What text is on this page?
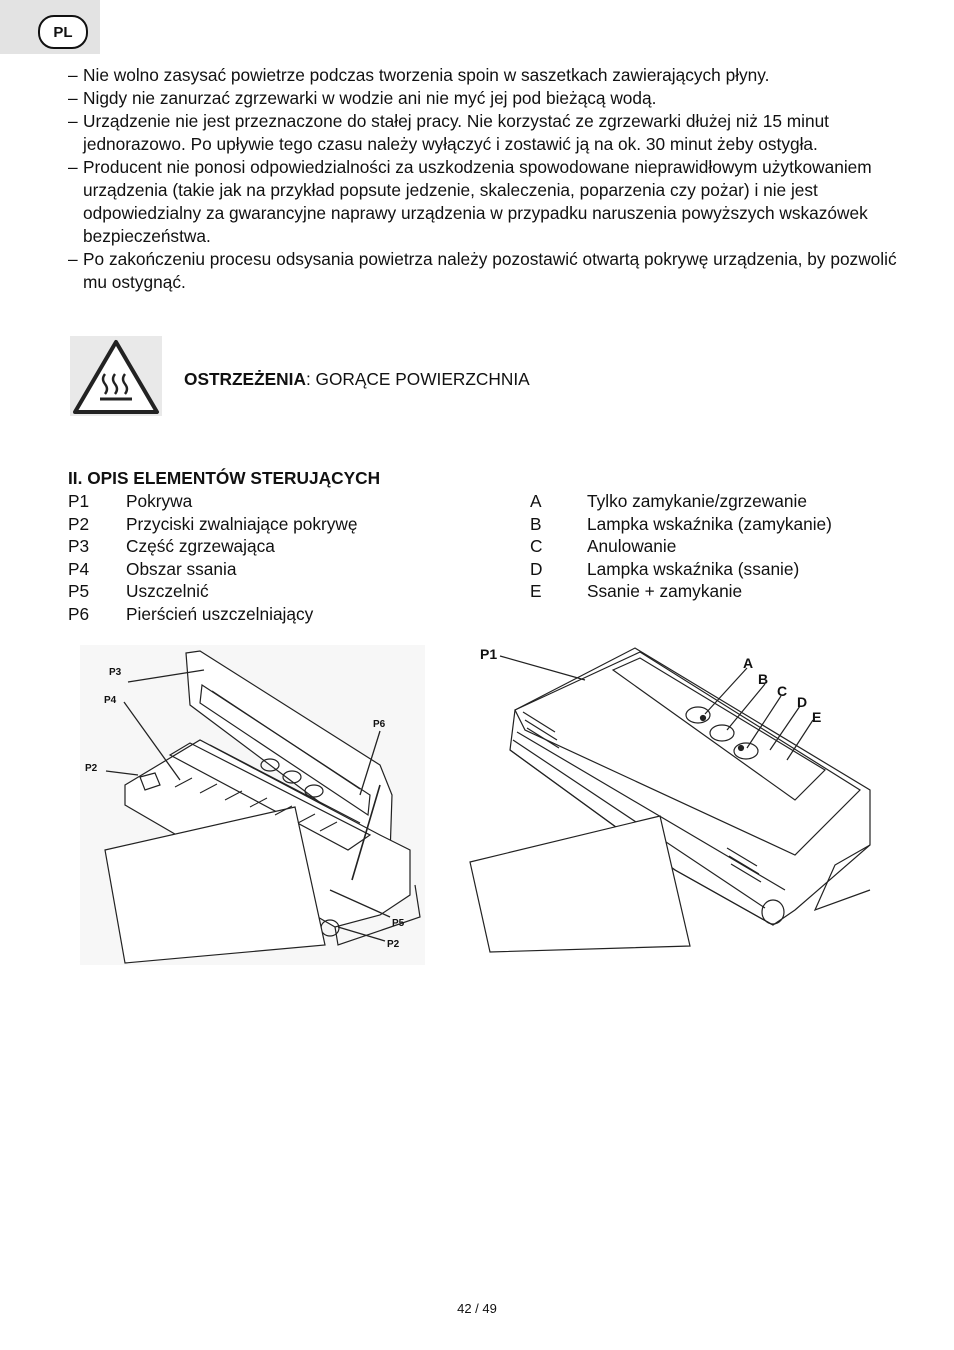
PL
– Nie wolno zasysać powietrze podczas tworzenia spoin w saszetkach zawierających płyny.
– Nigdy nie zanurzać zgrzewarki w wodzie ani nie myć jej pod bieżącą wodą.
– Urządzenie nie jest przeznaczone do stałej pracy. Nie korzystać ze zgrzewarki dłużej niż 15 minut jednorazowo. Po upływie tego czasu należy wyłączyć i zostawić ją na ok. 30 minut żeby ostygła.
– Producent nie ponosi odpowiedzialności za uszkodzenia spowodowane nieprawidłowym użytkowaniem urządzenia (takie jak na przykład popsute jedzenie, skaleczenia, poparzenia czy pożar) i nie jest odpowiedzialny za gwarancyjne naprawy urządzenia w przypadku naruszenia powyższych wskazówek bezpieczeństwa.
– Po zakończeniu procesu odsysania powietrza należy pozostawić otwartą pokrywę urządzenia, by pozwolić mu ostygnąć.
OSTRZEŻENIA: GORĄCE POWIERZCHNIA
II. OPIS ELEMENTÓW STERUJĄCYCH
P1 Pokrywa
P2 Przyciski zwalniające pokrywę
P3 Część zgrzewająca
P4 Obszar ssania
P5 Uszczelnić
P6 Pierścień uszczelniający
A	Tylko zamykanie/zgrzewanie
B	Lampka wskaźnika (zamykanie)
C	Anulowanie
D	Lampka wskaźnika (ssanie)
E	Ssanie + zamykanie
P3
P4
P6
P2
P5
P2
P1
A
B
C
D
E
42 / 49
